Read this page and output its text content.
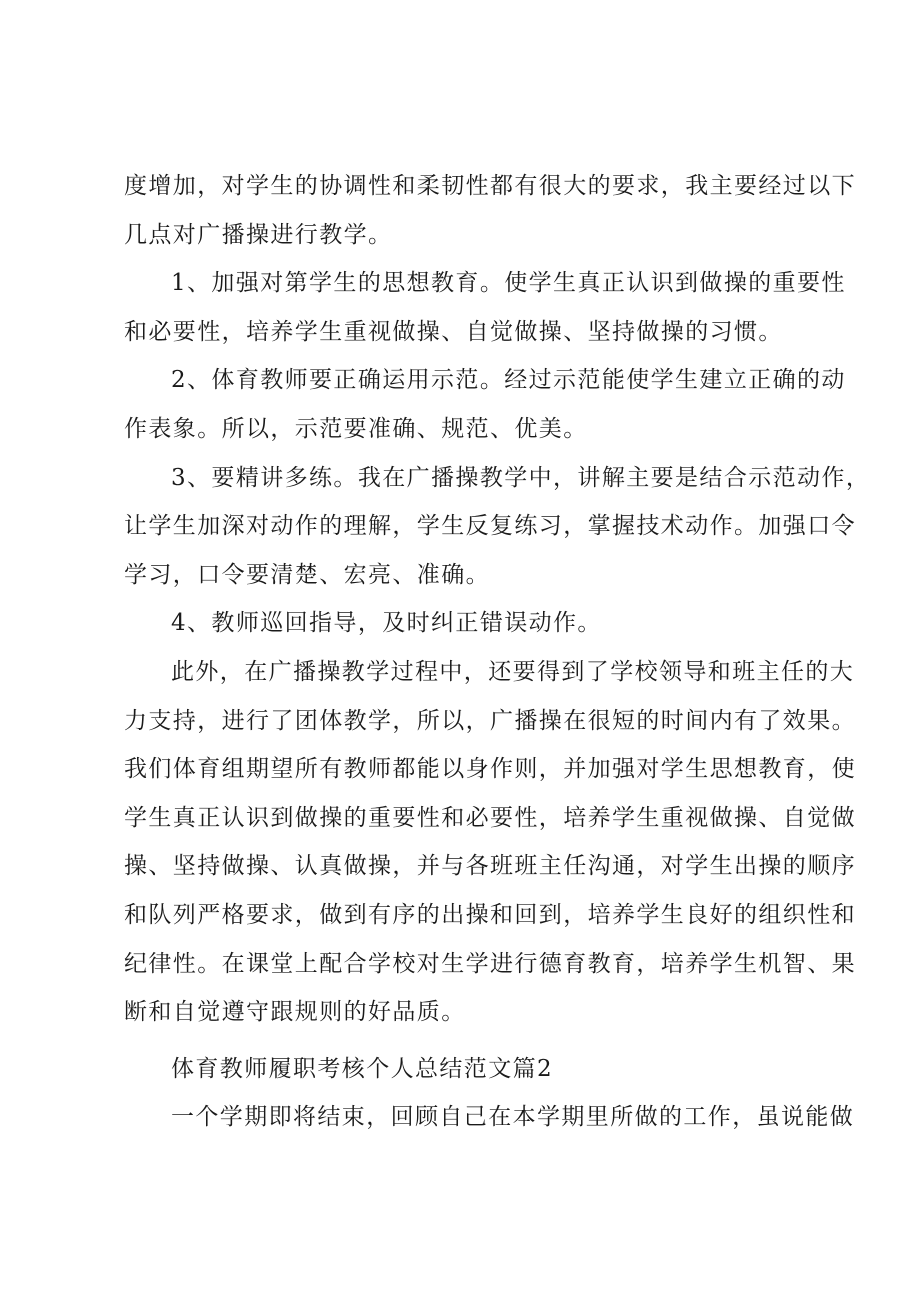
度增加，对学生的协调性和柔韧性都有很大的要求，我主要经过以下
几点对广播操进行教学。

1、加强对第学生的思想教育。使学生真正认识到做操的重要性
和必要性，培养学生重视做操、自觉做操、坚持做操的习惯。

2、体育教师要正确运用示范。经过示范能使学生建立正确的动
作表象。所以，示范要准确、规范、优美。

3、要精讲多练。我在广播操教学中，讲解主要是结合示范动作，
让学生加深对动作的理解，学生反复练习，掌握技术动作。加强口令
学习，口令要清楚、宏亮、准确。

4、教师巡回指导，及时纠正错误动作。

此外，在广播操教学过程中，还要得到了学校领导和班主任的大
力支持，进行了团体教学，所以，广播操在很短的时间内有了效果。
我们体育组期望所有教师都能以身作则，并加强对学生思想教育，使
学生真正认识到做操的重要性和必要性，培养学生重视做操、自觉做
操、坚持做操、认真做操，并与各班班主任沟通，对学生出操的顺序
和队列严格要求，做到有序的出操和回到，培养学生良好的组织性和
纪律性。在课堂上配合学校对生学进行德育教育，培养学生机智、果
断和自觉遵守跟规则的好品质。

体育教师履职考核个人总结范文篇2

一个学期即将结束，回顾自己在本学期里所做的工作，虽说能做
